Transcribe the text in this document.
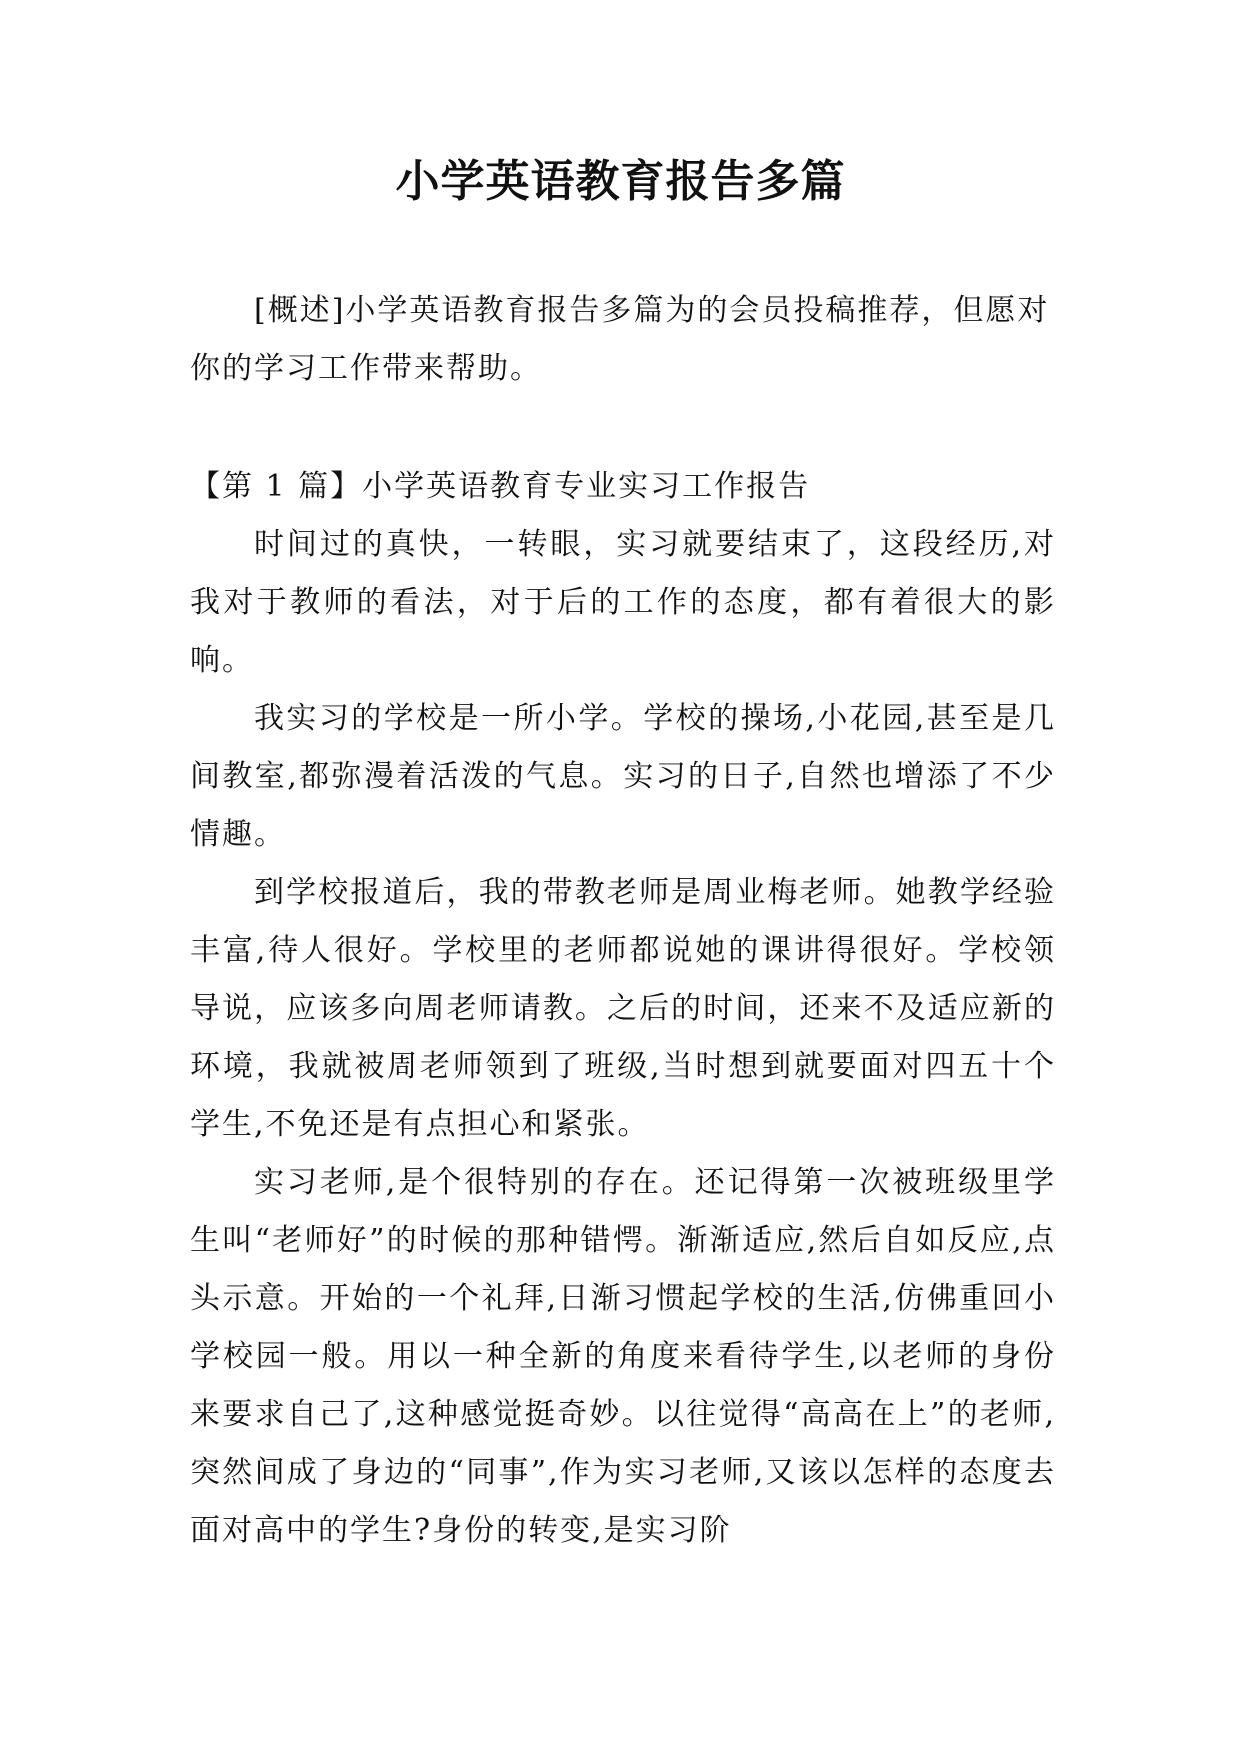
小学英语教育报告多篇

[概述]小学英语教育报告多篇为的会员投稿推荐，但愿对你的学习工作带来帮助。

【第 1 篇】小学英语教育专业实习工作报告

时间过的真快，一转眼，实习就要结束了，这段经历,对我对于教师的看法，对于后的工作的态度，都有着很大的影响。

我实习的学校是一所小学。学校的操场,小花园,甚至是几间教室,都弥漫着活泼的气息。实习的日子,自然也增添了不少情趣。

到学校报道后，我的带教老师是周业梅老师。她教学经验丰富,待人很好。学校里的老师都说她的课讲得很好。学校领导说，应该多向周老师请教。之后的时间，还来不及适应新的环境，我就被周老师领到了班级,当时想到就要面对四五十个学生,不免还是有点担心和紧张。

实习老师,是个很特别的存在。还记得第一次被班级里学生叫“老师好”的时候的那种错愕。渐渐适应,然后自如反应,点头示意。开始的一个礼拜,日渐习惯起学校的生活,仿佛重回小学校园一般。用以一种全新的角度来看待学生,以老师的身份来要求自己了,这种感觉挺奇妙。以往觉得“高高在上”的老师,突然间成了身边的“同事”,作为实习老师,又该以怎样的态度去面对高中的学生?身份的转变,是实习阶
